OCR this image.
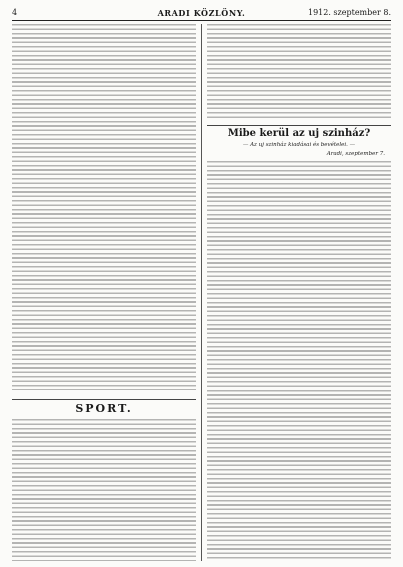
4	ARADI KÖZLÖNY.	1912. szeptember 8.
SPORT.
Mibe kerül az uj szinház?
— Az uj szinház kiadásai és bevételei. —
Aradi, szeptember 7.
